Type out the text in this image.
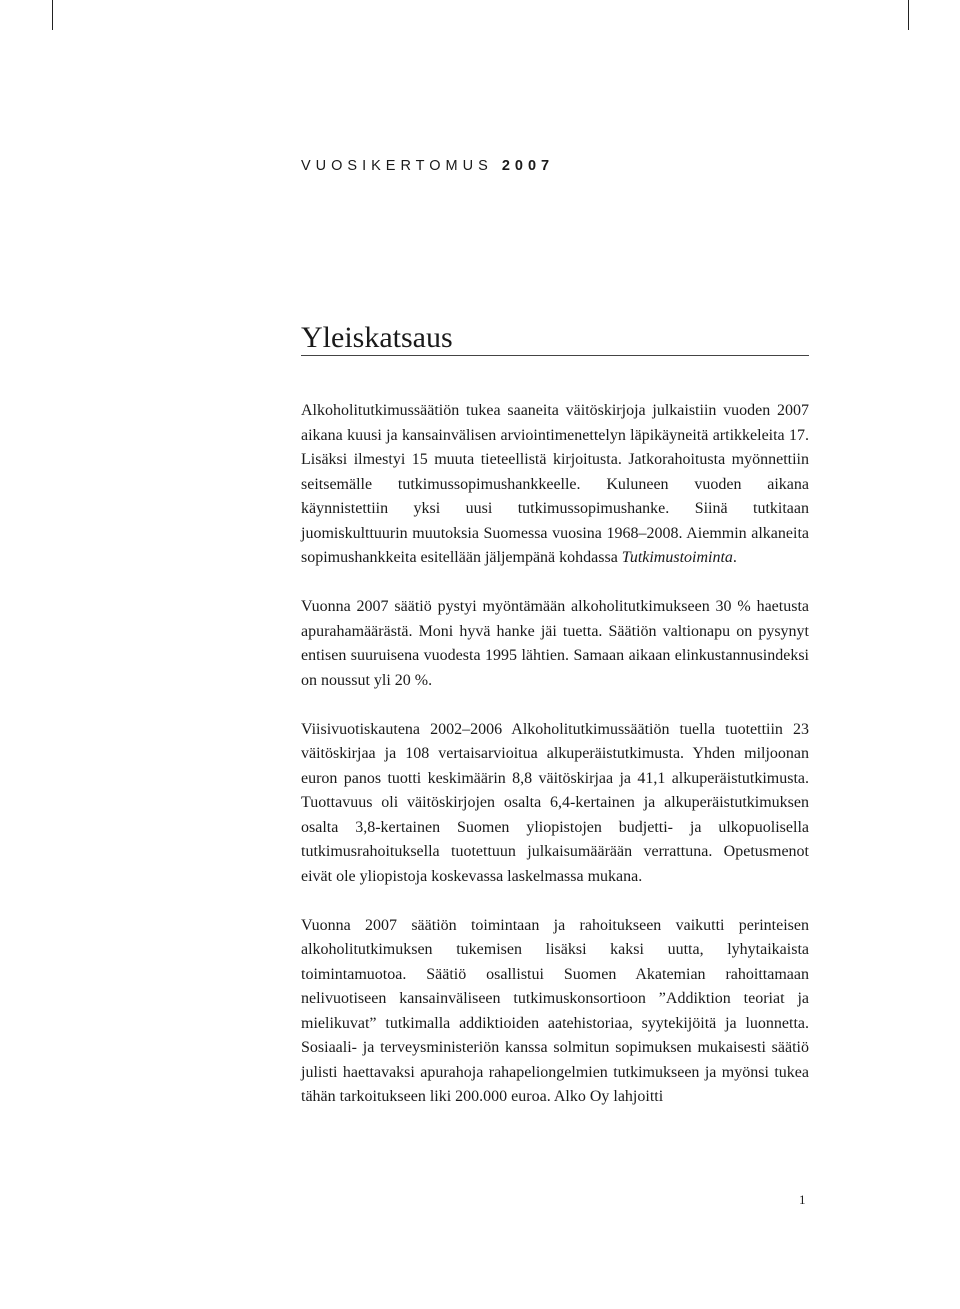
VUOSIKERTOMUS 2007
Yleiskatsaus

Alkoholitutkimussäätiön tukea saaneita väitöskirjoja julkaistiin vuoden 2007 aikana kuusi ja kansainvälisen arviointimenettelyn läpikäyneitä artikkeleita 17. Lisäksi ilmestyi 15 muuta tieteellistä kirjoitusta. Jatkorahoitusta myönnettiin seitsemälle tutkimussopimushankkeelle. Kuluneen vuoden aikana käynnistettiin yksi uusi tutkimussopimushanke. Siinä tutkitaan juomiskulttuurin muutoksia Suomessa vuosina 1968–2008. Aiemmin alkaneita sopimushankkeita esitellään jäljempänä kohdassa Tutkimustoiminta.

Vuonna 2007 säätiö pystyi myöntämään alkoholitutkimukseen 30 % haetusta apurahamäärästä. Moni hyvä hanke jäi tuetta. Säätiön valtionapu on pysynyt entisen suuruisena vuodesta 1995 lähtien. Samaan aikaan elinkustannusindeksi on noussut yli 20 %.

Viisivuotiskautena 2002–2006 Alkoholitutkimussäätiön tuella tuotettiin 23 väitöskirjaa ja 108 vertaisarvioitua alkuperäistutkimusta. Yhden miljoonan euron panos tuotti keskimäärin 8,8 väitöskirjaa ja 41,1 alkuperäistutkimusta. Tuottavuus oli väitöskirjojen osalta 6,4-kertainen ja alkuperäistutkimuksen osalta 3,8-kertainen Suomen yliopistojen budjetti- ja ulkopuolisella tutkimusrahoituksella tuotettuun julkaisumäärään verrattuna. Opetusmenot eivät ole yliopistoja koskevassa laskelmassa mukana.

Vuonna 2007 säätiön toimintaan ja rahoitukseen vaikutti perinteisen alkoholitutkimuksen tukemisen lisäksi kaksi uutta, lyhytaikaista toimintamuotoa. Säätiö osallistui Suomen Akatemian rahoittamaan nelivuotiseen kansainväliseen tutkimuskonsortioon ”Addiktion teoriat ja mielikuvat” tutkimalla addiktioiden aatehistoriaa, syytekijöitä ja luonnetta. Sosiaali- ja terveysministeriön kanssa solmitun sopimuksen mukaisesti säätiö julisti haettavaksi apurahoja rahapeliongelmien tutkimukseen ja myönsi tukea tähän tarkoitukseen liki 200.000 euroa. Alko Oy lahjoitti

1
